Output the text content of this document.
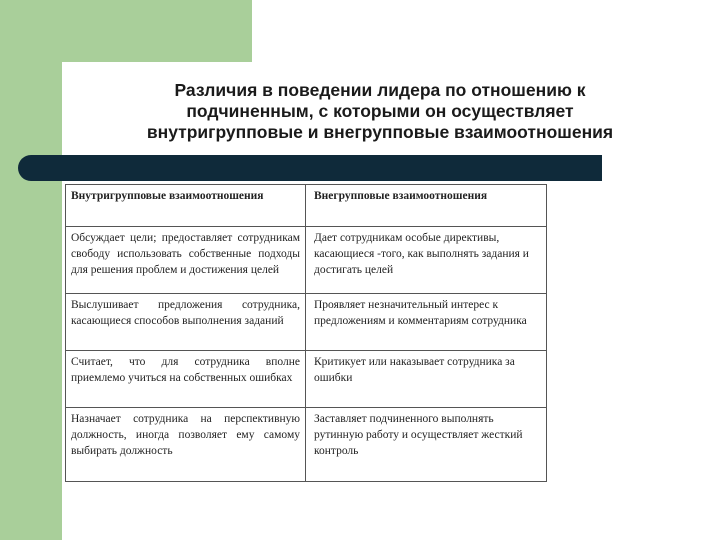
Различия в поведении лидера по отношению к
подчиненным, с которыми он осуществляет
внутригрупповые и внегрупповые взаимоотношения
Внутригрупповые взаимоотношения	Внегрупповые взаимоотношения
Обсуждает цели; предоставляет сотрудникам свободу использовать собственные подходы для решения проблем и достижения целей	Дает сотрудникам особые директивы, касающиеся -того, как выполнять задания и достигать целей
Выслушивает предложения сотрудника, касающиеся способов выполнения заданий	Проявляет незначительный интерес к предложениям и комментариям сотрудника
Считает, что для сотрудника вполне приемлемо учиться на собственных ошибках	Критикует или наказывает сотрудника за ошибки
Назначает сотрудника на перспективную должность, иногда позволяет ему самому выбирать должность	Заставляет подчиненного выполнять рутинную работу и осуществляет жесткий контроль
